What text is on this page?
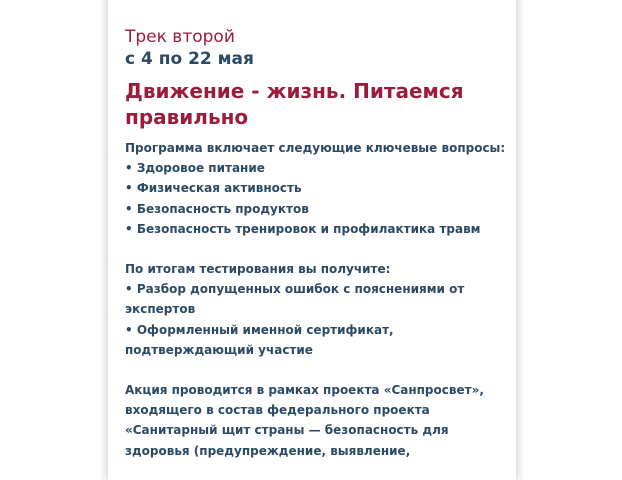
Трек второй

с 4 по 22 мая

Движение - жизнь. Питаемся
правильно
Программа включает следующие ключевые вопросы:
• Здоровое питание
• Физическая активность
• Безопасность продуктов
• Безопасность тренировок и профилактика травм
По итогам тестирования вы получите:
• Разбор допущенных ошибок с пояснениями от
экспертов
• Оформленный именной сертификат,
подтверждающий участие
Акция проводится в рамках проекта «Санпросвет»,
входящего в состав федерального проекта
«Санитарный щит страны — безопасность для
здоровья (предупреждение, выявление,
